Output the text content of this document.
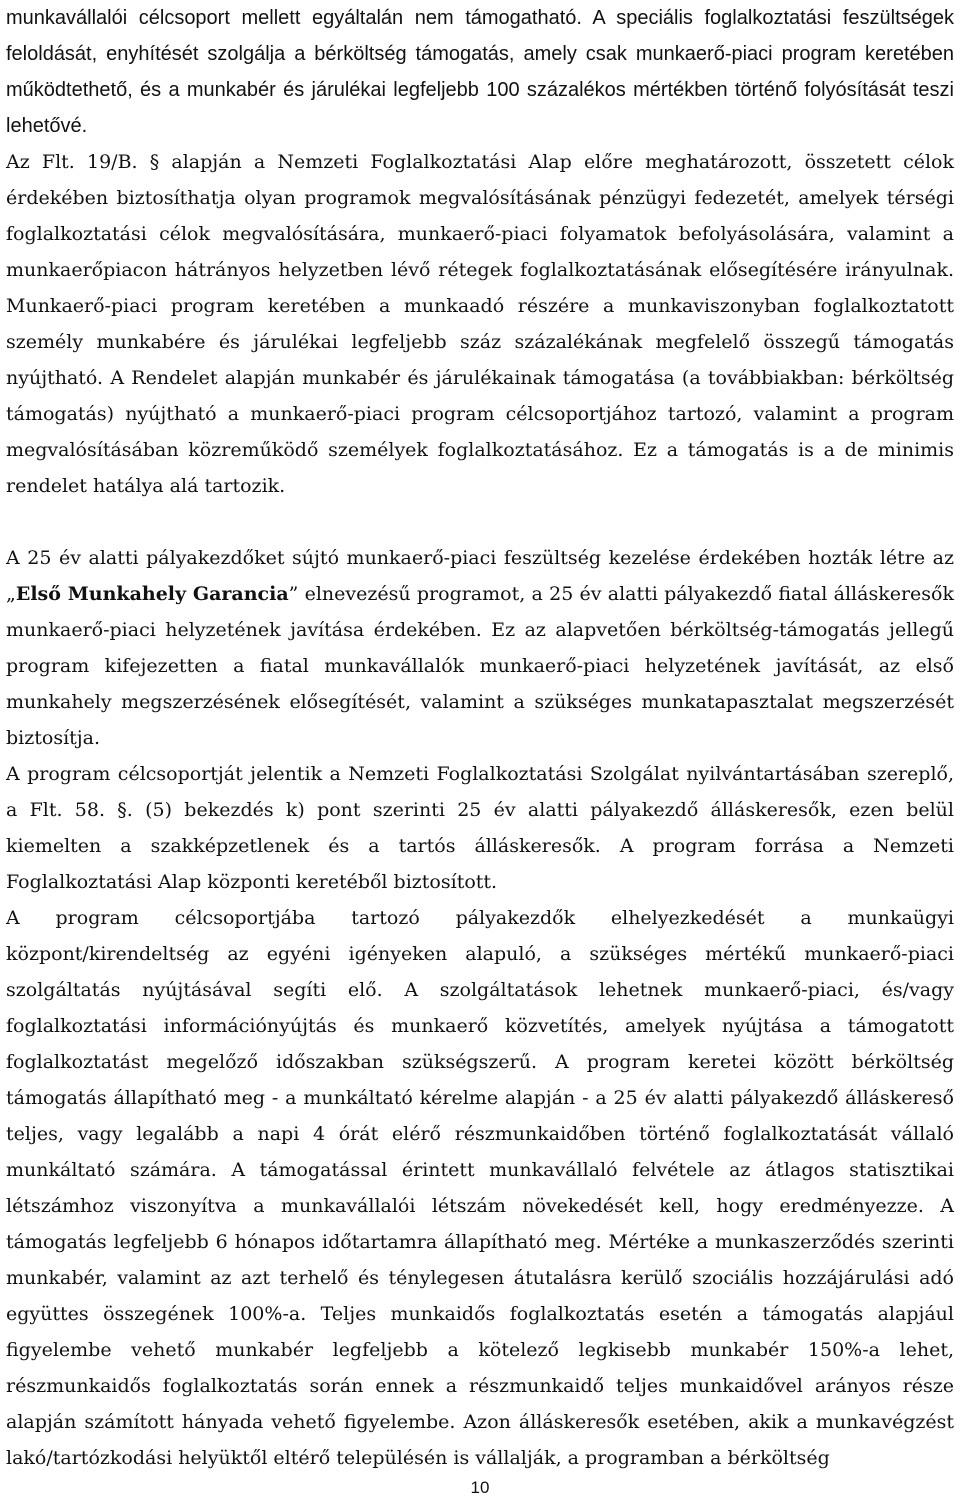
munkavállalói célcsoport mellett egyáltalán nem támogatható. A speciális foglalkoztatási feszültségek feloldását, enyhítését szolgálja a bérköltség támogatás, amely csak munkaerő-piaci program keretében működtethető, és a munkabér és járulékai legfeljebb 100 százalékos mértékben történő folyósítását teszi lehetővé.

Az Flt. 19/B. § alapján a Nemzeti Foglalkoztatási Alap előre meghatározott, összetett célok érdekében biztosíthatja olyan programok megvalósításának pénzügyi fedezetét, amelyek térségi foglalkoztatási célok megvalósítására, munkaerő-piaci folyamatok befolyásolására, valamint a munkaerőpiacon hátrányos helyzetben lévő rétegek foglalkoztatásának elősegítésére irányulnak. Munkaerő-piaci program keretében a munkaadó részére a munkaviszonyban foglalkoztatott személy munkabére és járulékai legfeljebb száz százalékának megfelelő összegű támogatás nyújtható. A Rendelet alapján munkabér és járulékainak támogatása (a továbbiakban: bérköltség támogatás) nyújtható a munkaerő-piaci program célcsoportjához tartozó, valamint a program megvalósításában közreműködő személyek foglalkoztatásához. Ez a támogatás is a de minimis rendelet hatálya alá tartozik.

A 25 év alatti pályakezdőket sújtó munkaerő-piaci feszültség kezelése érdekében hozták létre az „Első Munkahely Garancia” elnevezésű programot, a 25 év alatti pályakezdő fiatal álláskeresők munkaerő-piaci helyzetének javítása érdekében. Ez az alapvetően bérköltség-támogatás jellegű program kifejezetten a fiatal munkavállalók munkaerő-piaci helyzetének javítását, az első munkahely megszerzésének elősegítését, valamint a szükséges munkatapasztalat megszerzését biztosítja.

A program célcsoportját jelentik a Nemzeti Foglalkoztatási Szolgálat nyilvántartásában szereplő, a Flt. 58. §. (5) bekezdés k) pont szerinti 25 év alatti pályakezdő álláskeresők, ezen belül kiemelten a szakképzetlenek és a tartós álláskeresők. A program forrása a Nemzeti Foglalkoztatási Alap központi keretéből biztosított.

A program célcsoportjába tartozó pályakezdők elhelyezkedését a munkaügyi központ/kirendeltség az egyéni igényeken alapuló, a szükséges mértékű munkaerő-piaci szolgáltatás nyújtásával segíti elő. A szolgáltatások lehetnek munkaerő-piaci, és/vagy foglalkoztatási információnyújtás és munkaerő közvetítés, amelyek nyújtása a támogatott foglalkoztatást megelőző időszakban szükségszerű. A program keretei között bérköltség támogatás állapítható meg - a munkáltató kérelme alapján - a 25 év alatti pályakezdő álláskereső teljes, vagy legalább a napi 4 órát elérő részmunkaidőben történő foglalkoztatását vállaló munkáltató számára. A támogatással érintett munkavállaló felvétele az átlagos statisztikai létszámhoz viszonyítva a munkavállalói létszám növekedését kell, hogy eredményezze. A támogatás legfeljebb 6 hónapos időtartamra állapítható meg. Mértéke a munkaszerződés szerinti munkabér, valamint az azt terhelő és ténylegesen átutalásra kerülő szociális hozzájárulási adó együttes összegének 100%-a. Teljes munkaidős foglalkoztatás esetén a támogatás alapjául figyelembe vehető munkabér legfeljebb a kötelező legkisebb munkabér 150%-a lehet, részmunkaidős foglalkoztatás során ennek a részmunkaidő teljes munkaidővel arányos része alapján számított hányada vehető figyelembe. Azon álláskeresők esetében, akik a munkavégzést lakó/tartózkodási helyüktől eltérő településén is vállalják, a programban a bérköltség

10
